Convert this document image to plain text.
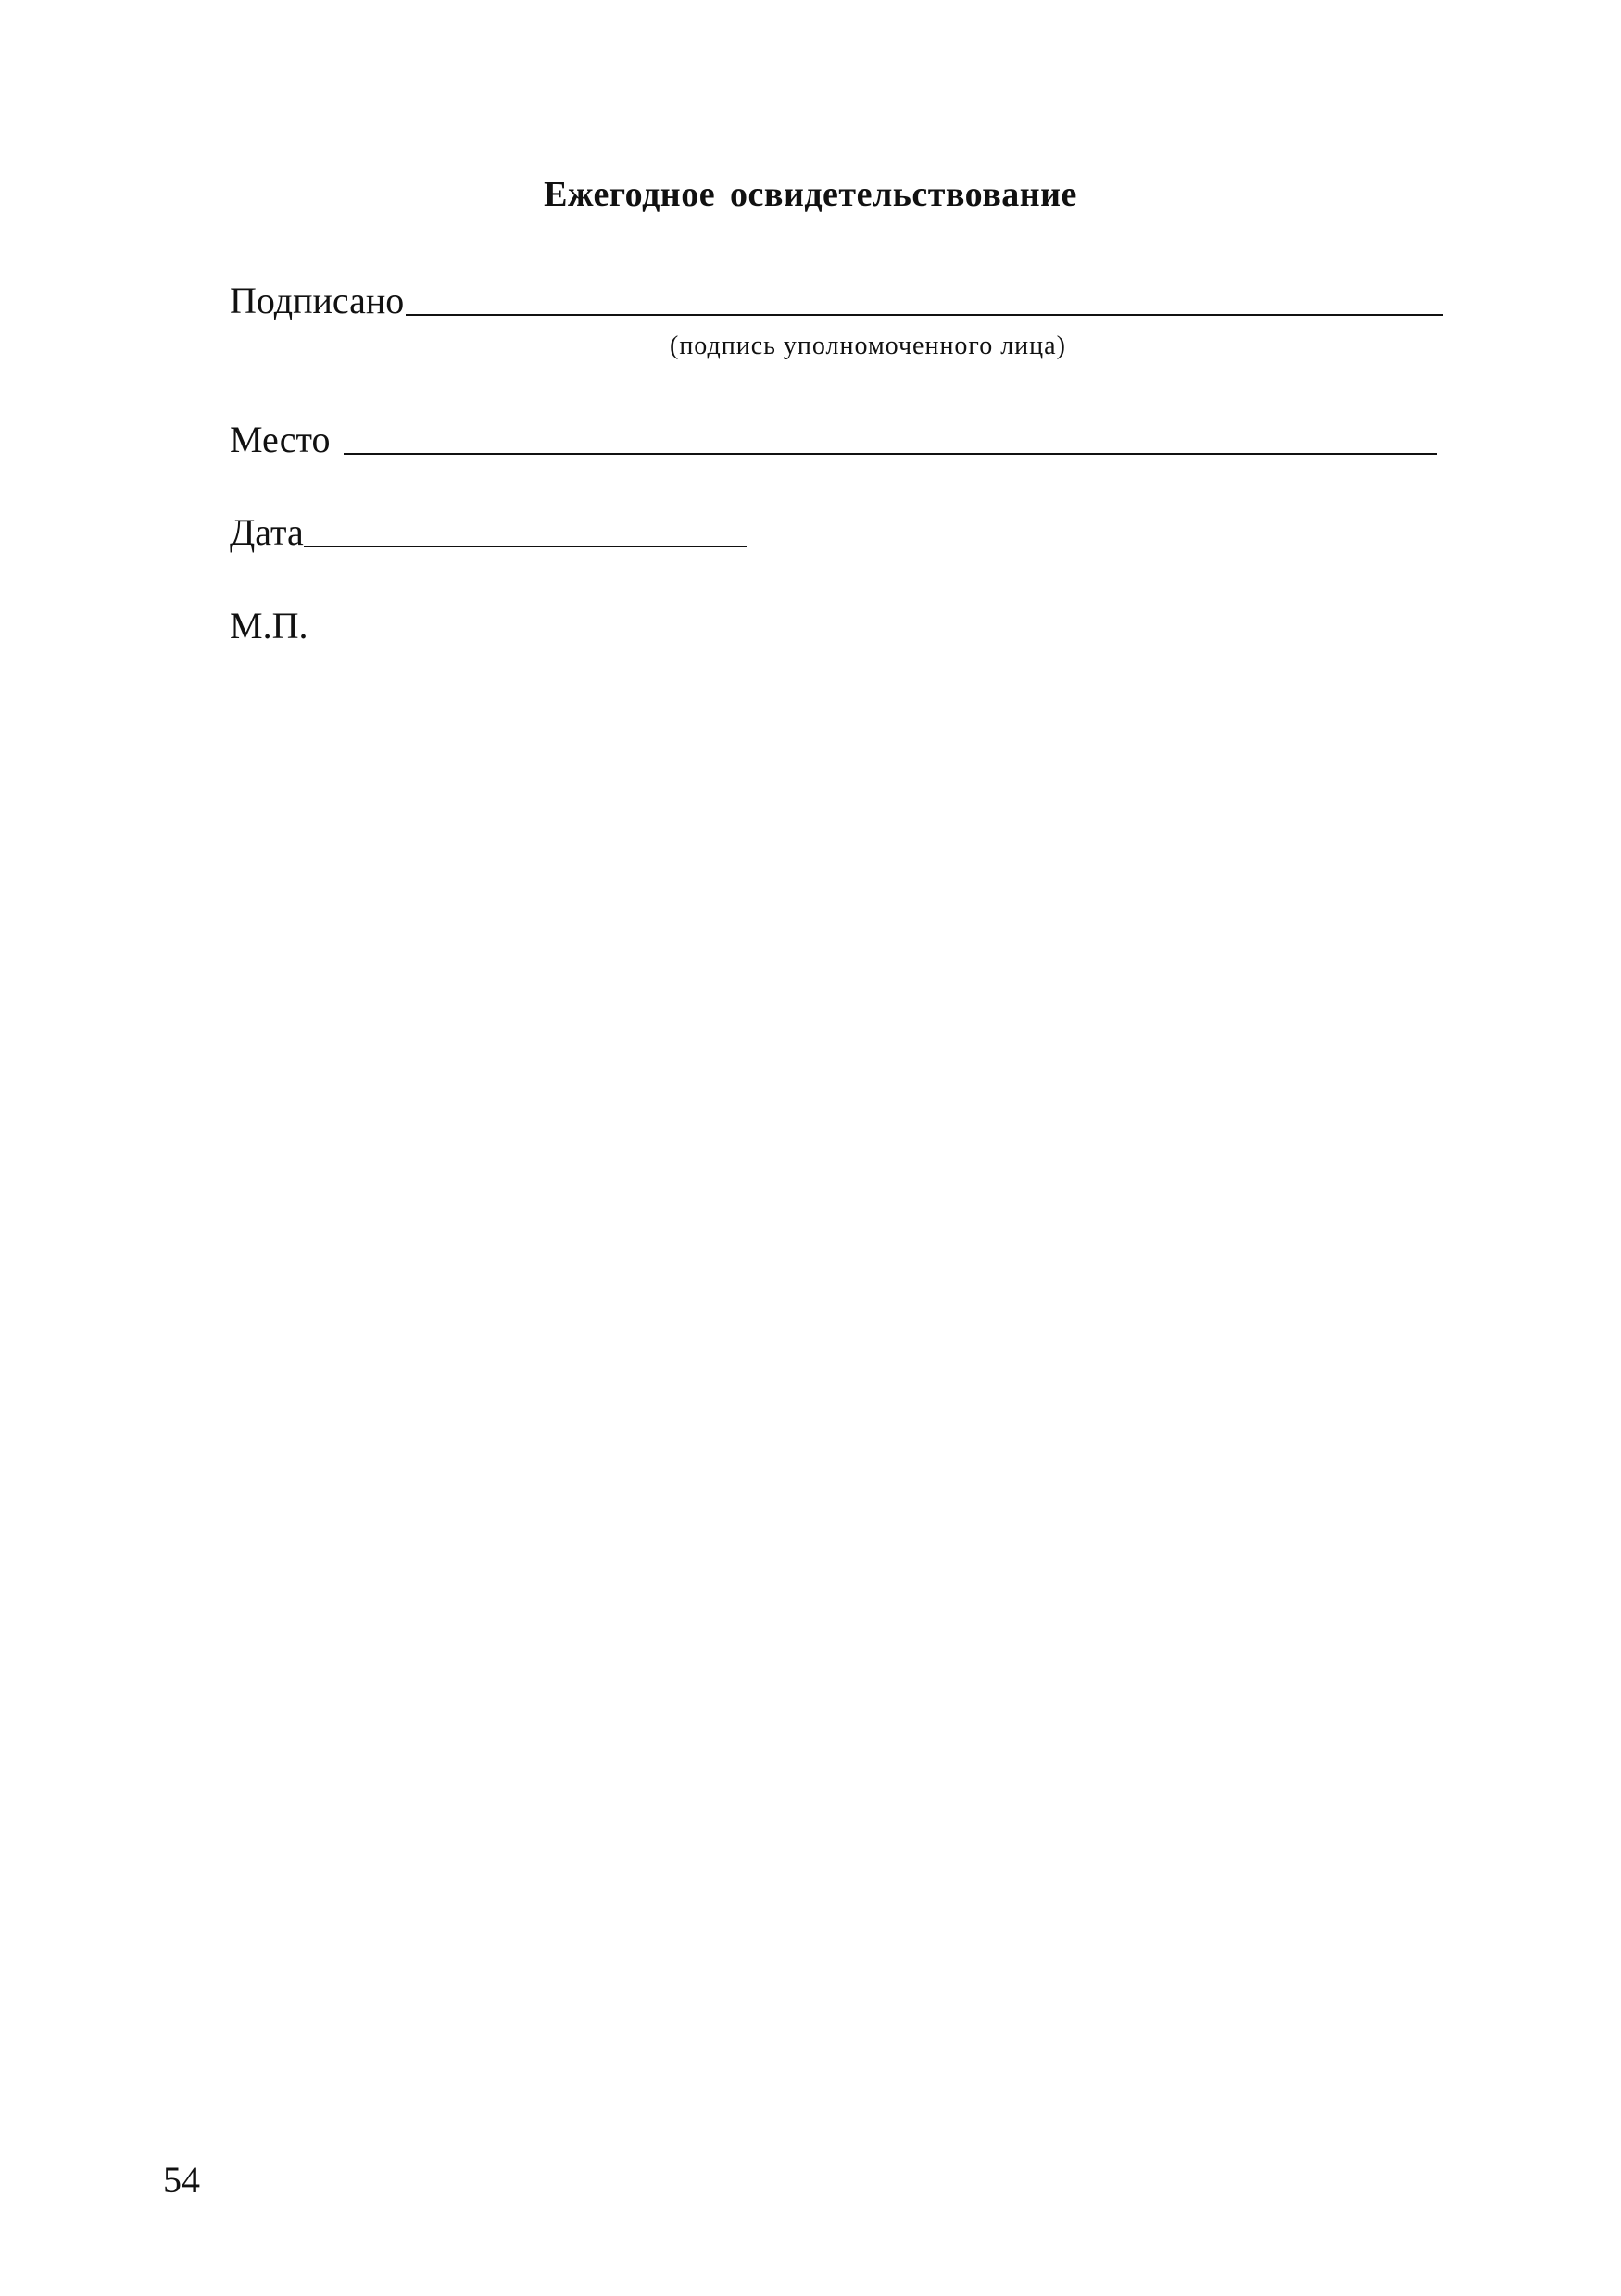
Ежегодное освидетельствование
Подписано
(подпись уполномоченного лица)
Место
Дата
М.П.
54
